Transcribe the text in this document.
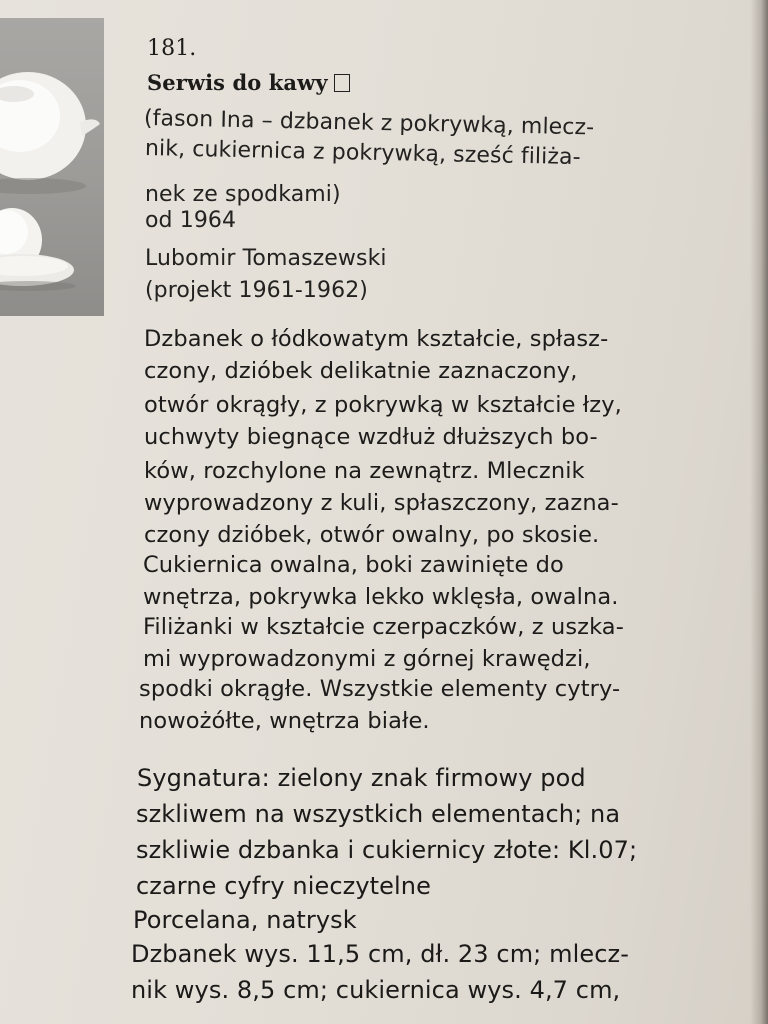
181.
Serwis do kawy
(fason Ina – dzbanek z pokrywką, mlecz-
nik, cukiernica z pokrywką, sześć filiża-
nek ze spodkami)
od 1964
Lubomir Tomaszewski
(projekt 1961-1962)
Dzbanek o łódkowatym kształcie, spłasz-
czony, dzióbek delikatnie zaznaczony,
otwór okrągły, z pokrywką w kształcie łzy,
uchwyty biegnące wzdłuż dłuższych bo-
ków, rozchylone na zewnątrz. Mlecznik
wyprowadzony z kuli, spłaszczony, zazna-
czony dzióbek, otwór owalny, po skosie.
Cukiernica owalna, boki zawinięte do
wnętrza, pokrywka lekko wklęsła, owalna.
Filiżanki w kształcie czerpaczków, z uszka-
mi wyprowadzonymi z górnej krawędzi,
spodki okrągłe. Wszystkie elementy cytry-
nowożółte, wnętrza białe.
Sygnatura: zielony znak firmowy pod
szkliwem na wszystkich elementach; na
szkliwie dzbanka i cukiernicy złote: Kl.07;
czarne cyfry nieczytelne
Porcelana, natrysk
Dzbanek wys. 11,5 cm, dł. 23 cm; mlecz-
nik wys. 8,5 cm; cukiernica wys. 4,7 cm,
